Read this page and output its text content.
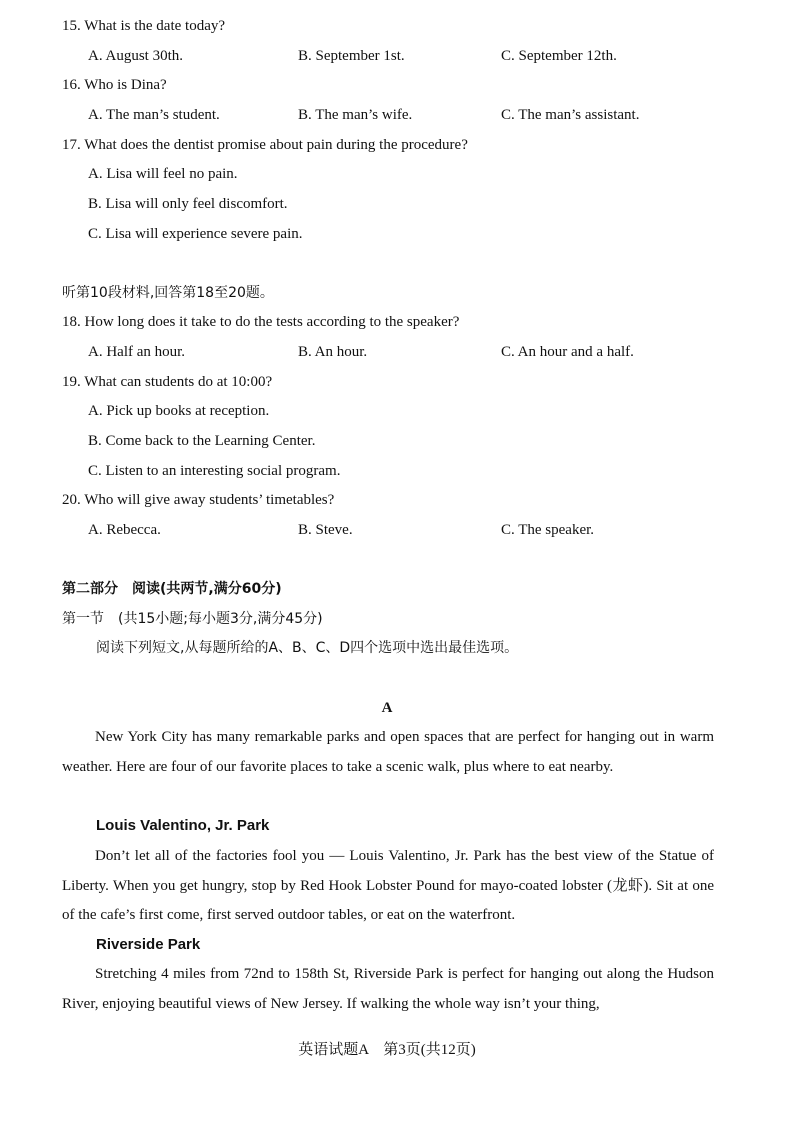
15. What is the date today?
A. August 30th.	B. September 1st.	C. September 12th.
16. Who is Dina?
A. The man’s student.	B. The man’s wife.	C. The man’s assistant.
17. What does the dentist promise about pain during the procedure?
A. Lisa will feel no pain.
B. Lisa will only feel discomfort.
C. Lisa will experience severe pain.
听第10段材料,回答第18至20题。
18. How long does it take to do the tests according to the speaker?
A. Half an hour.	B. An hour.	C. An hour and a half.
19. What can students do at 10:00?
A. Pick up books at reception.
B. Come back to the Learning Center.
C. Listen to an interesting social program.
20. Who will give away students’ timetables?
A. Rebecca.	B. Steve.	C. The speaker.
第二部分　阅读(共两节,满分60分)
第一节　(共15小题;每小题3分,满分45分)
阅读下列短文,从每题所给的A、B、C、D四个选项中选出最佳选项。
A
New York City has many remarkable parks and open spaces that are perfect for hanging out in warm weather. Here are four of our favorite places to take a scenic walk, plus where to eat nearby.
Louis Valentino, Jr. Park
Don’t let all of the factories fool you — Louis Valentino, Jr. Park has the best view of the Statue of Liberty. When you get hungry, stop by Red Hook Lobster Pound for mayo-coated lobster (龙虾). Sit at one of the cafe’s first come, first served outdoor tables, or eat on the waterfront.
Riverside Park
Stretching 4 miles from 72nd to 158th St, Riverside Park is perfect for hanging out along the Hudson River, enjoying beautiful views of New Jersey. If walking the whole way isn’t your thing,
英语试题A　第3页(共12页)
